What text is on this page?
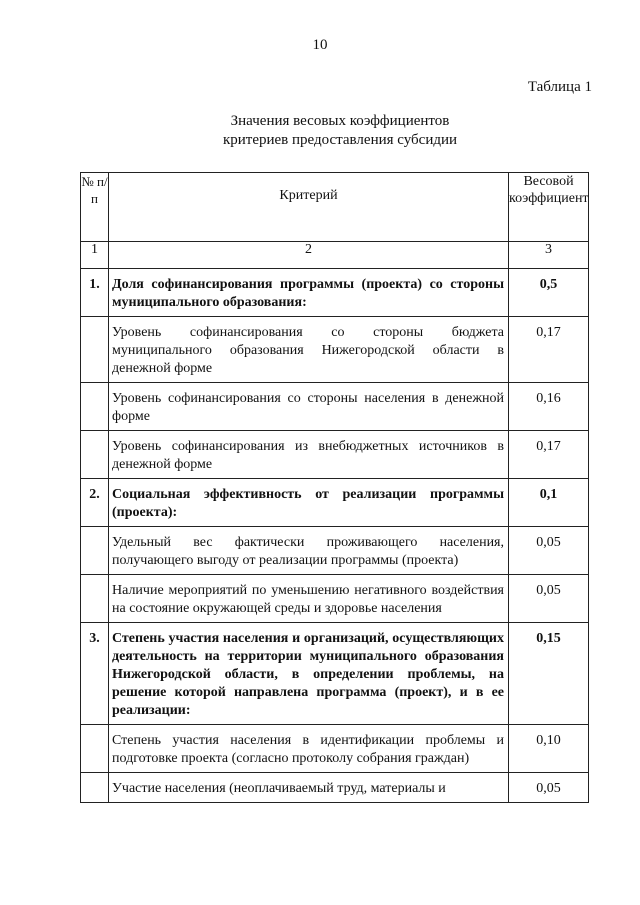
10
Таблица 1
Значения весовых коэффициентов
критериев предоставления субсидии
№ п/п	Критерий	Весовой коэффициент
1	2	3
1.	Доля софинансирования программы (проекта) со стороны муниципального образования:	0,5
	Уровень софинансирования со стороны бюджета муниципального образования Нижегородской области в денежной форме	0,17
	Уровень софинансирования со стороны населения в денежной форме	0,16
	Уровень софинансирования из внебюджетных источников в денежной форме	0,17
2.	Социальная эффективность от реализации программы (проекта):	0,1
	Удельный вес фактически проживающего населения, получающего выгоду от реализации программы (проекта)	0,05
	Наличие мероприятий по уменьшению негативного воздействия на состояние окружающей среды и здоровье населения	0,05
3.	Степень участия населения и организаций, осуществляющих деятельность на территории муниципального образования Нижегородской области, в определении проблемы, на решение которой направлена программа (проект), и в ее реализации:	0,15
	Степень участия населения в идентификации проблемы и подготовке проекта (согласно протоколу собрания граждан)	0,10
	Участие населения (неоплачиваемый труд, материалы и	0,05
